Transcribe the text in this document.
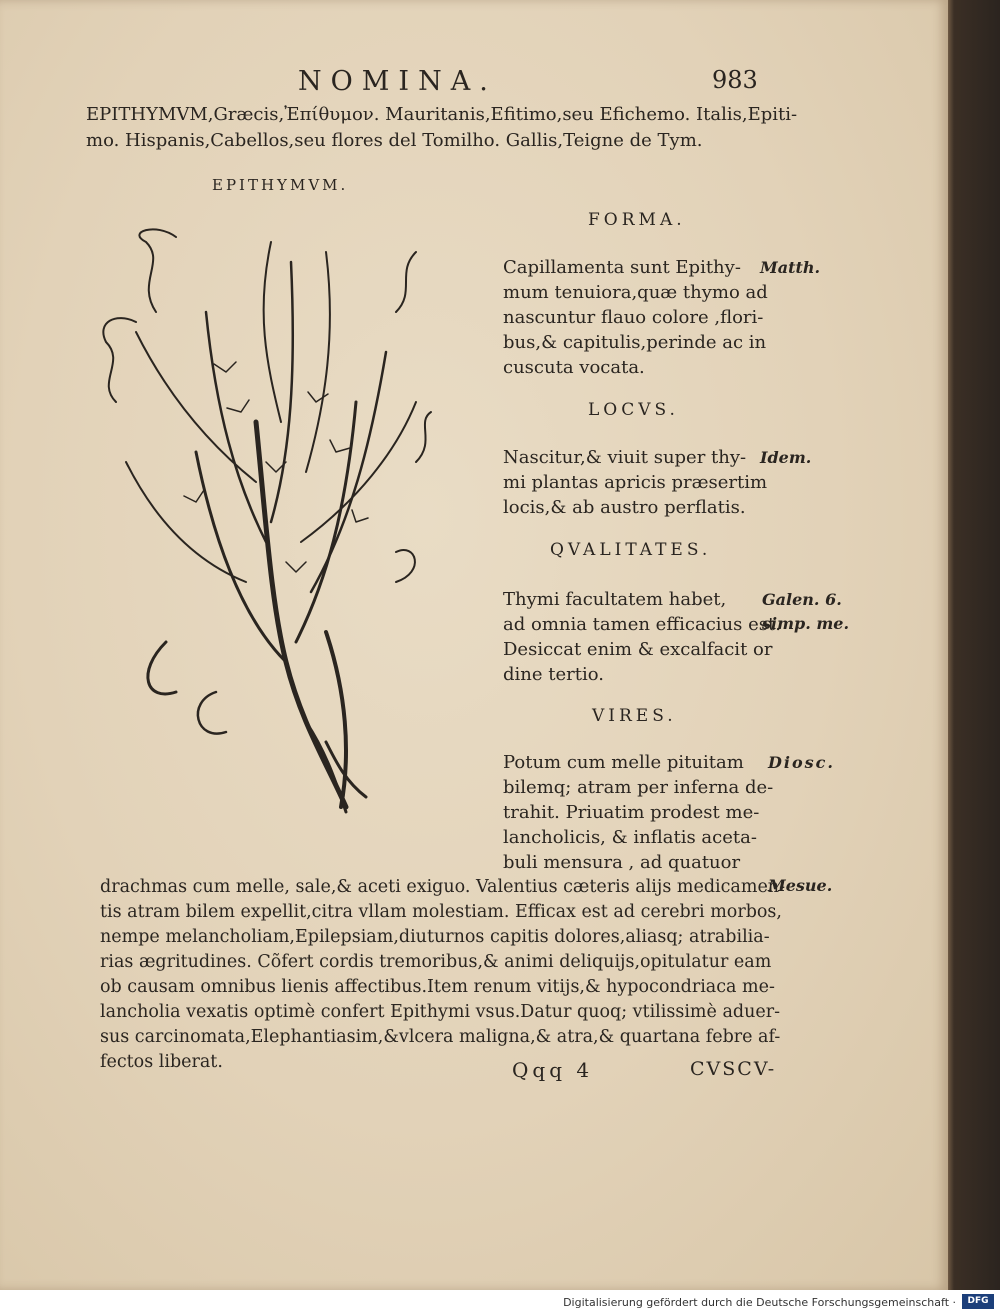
NOMINA.	983
EPITHYMVM,Græcis,Ἐπίθυμον. Mauritanis,Efitimo,seu Efichemo. Italis,Epiti-
mo. Hispanis,Cabellos,seu flores del Tomilho. Gallis,Teigne de Tym.
EPITHYMVM.
FORMA.
Capillamenta sunt Epithy-
mum tenuiora,quæ thymo ad
nascuntur flauo colore ,flori-
bus,& capitulis,perinde ac in
cuscuta vocata.
Matth.
LOCVS.
Nascitur,& viuit super thy-
mi plantas apricis præsertim
locis,& ab austro perflatis.
Idem.
QVALITATES.
Thymi facultatem habet,
ad omnia tamen efficacius est.
Desiccat enim & excalfacit or
dine tertio.
Galen. 6.
simp. me.
VIRES.
Potum cum melle pituitam
bilemq; atram per inferna de-
trahit. Priuatim prodest me-
lancholicis, & inflatis aceta-
buli mensura , ad quatuor
Diosc.
drachmas cum melle, sale,& aceti exiguo. Valentius cæteris alijs medicamen-
tis atram bilem expellit,citra vllam molestiam. Efficax est ad cerebri morbos,
nempe melancholiam,Epilepsiam,diuturnos capitis dolores,aliasq; atrabilia-
rias ægritudines. Cõfert cordis tremoribus,& animi deliquijs,opitulatur eam
ob causam omnibus lienis affectibus.Item renum vitijs,& hypocondriaca me-
lancholia vexatis optimè confert Epithymi vsus.Datur quoq; vtilissimè aduer-
sus carcinomata,Elephantiasim,&vlcera maligna,& atra,& quartana febre af-
fectos liberat.
Mesue.
Qqq 4	CVSCV-
Digitalisierung gefördert durch die Deutsche Forschungsgemeinschaft ·	DFG
